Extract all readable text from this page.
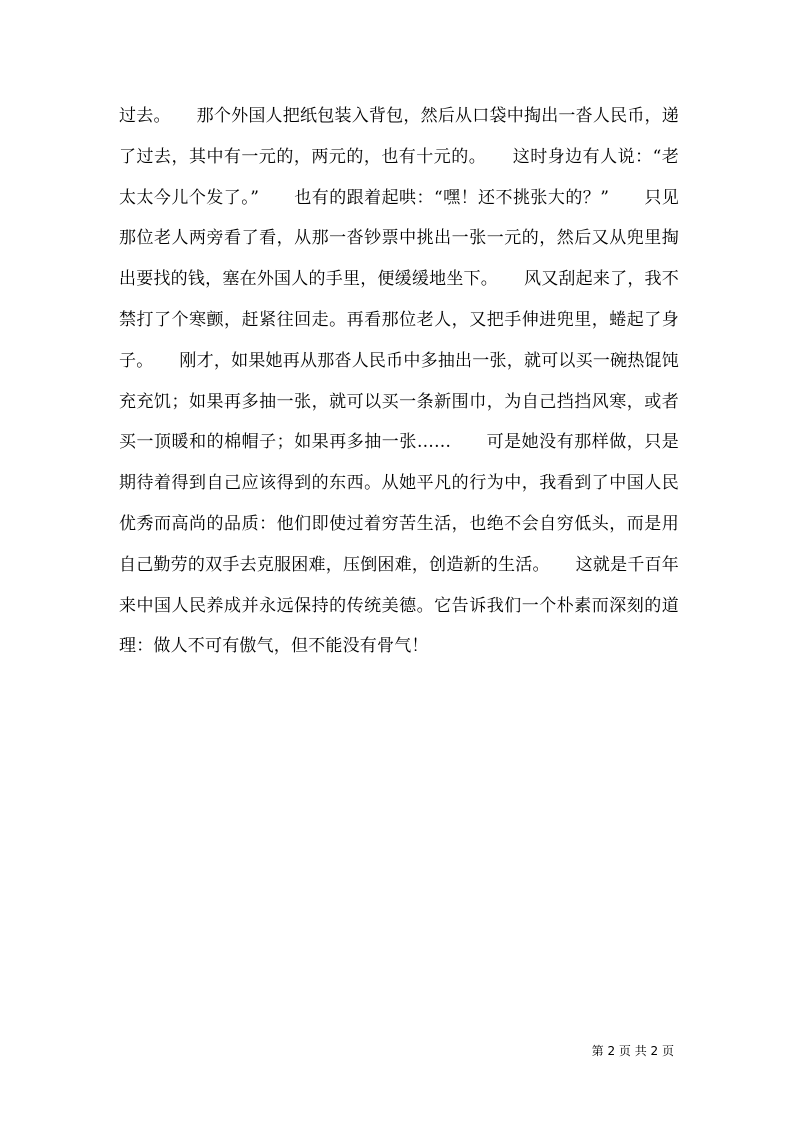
过去。　　那个外国人把纸包装入背包，然后从口袋中掏出一沓人民币，递了过去，其中有一元的，两元的，也有十元的。　　这时身边有人说：“老太太今儿个发了。”　　也有的跟着起哄：“嘿！还不挑张大的？”　　只见那位老人两旁看了看，从那一沓钞票中挑出一张一元的，然后又从兜里掏出要找的钱，塞在外国人的手里，便缓缓地坐下。　　风又刮起来了，我不禁打了个寒颤，赶紧往回走。再看那位老人，又把手伸进兜里，蜷起了身子。　　刚才，如果她再从那沓人民币中多抽出一张，就可以买一碗热馄饨充充饥；如果再多抽一张，就可以买一条新围巾，为自己挡挡风寒，或者买一顶暖和的棉帽子；如果再多抽一张……　　可是她没有那样做，只是期待着得到自己应该得到的东西。从她平凡的行为中，我看到了中国人民优秀而高尚的品质：他们即使过着穷苦生活，也绝不会自穷低头，而是用自己勤劳的双手去克服困难，压倒困难，创造新的生活。　　这就是千百年来中国人民养成并永远保持的传统美德。它告诉我们一个朴素而深刻的道理：做人不可有傲气，但不能没有骨气！

第 2 页 共 2 页
